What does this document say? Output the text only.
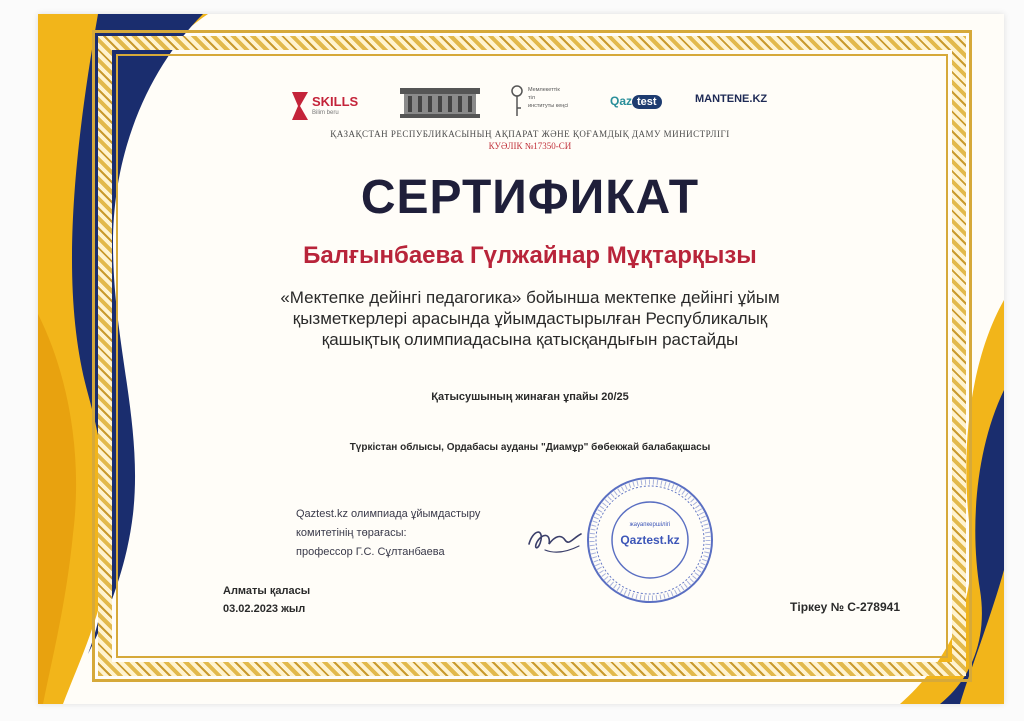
SKILLS
Bilim beru
Мемлекеттік
тіл
институты кеңсі	Qaz test	MANTENE.KZ
ҚАЗАҚСТАН РЕСПУБЛИКАСЫНЫҢ АҚПАРАТ ЖӘНЕ ҚОҒАМДЫҚ ДАМУ МИНИСТРЛІГІ
КУӘЛІК №17350-СИ
СЕРТИФИКАТ
Балғынбаева Гүлжайнар Мұқтарқызы
«Мектепке дейінгі педагогика» бойынша мектепке дейінгі ұйым
қызметкерлері арасында ұйымдастырылған Республикалық
қашықтық олимпиадасына қатысқандығын растайды
Қатысушының жинаған ұпайы 20/25
Түркістан облысы, Ордабасы ауданы "Диамұр" бөбекжай балабақшасы
Qaztest.kz олимпиада ұйымдастыру
комитетінің төрағасы:
профессор Г.С. Сұлтанбаева
жауапкершілігі
Qaztest.kz
Алматы қаласы
03.02.2023 жыл	Тіркеу № С-278941
